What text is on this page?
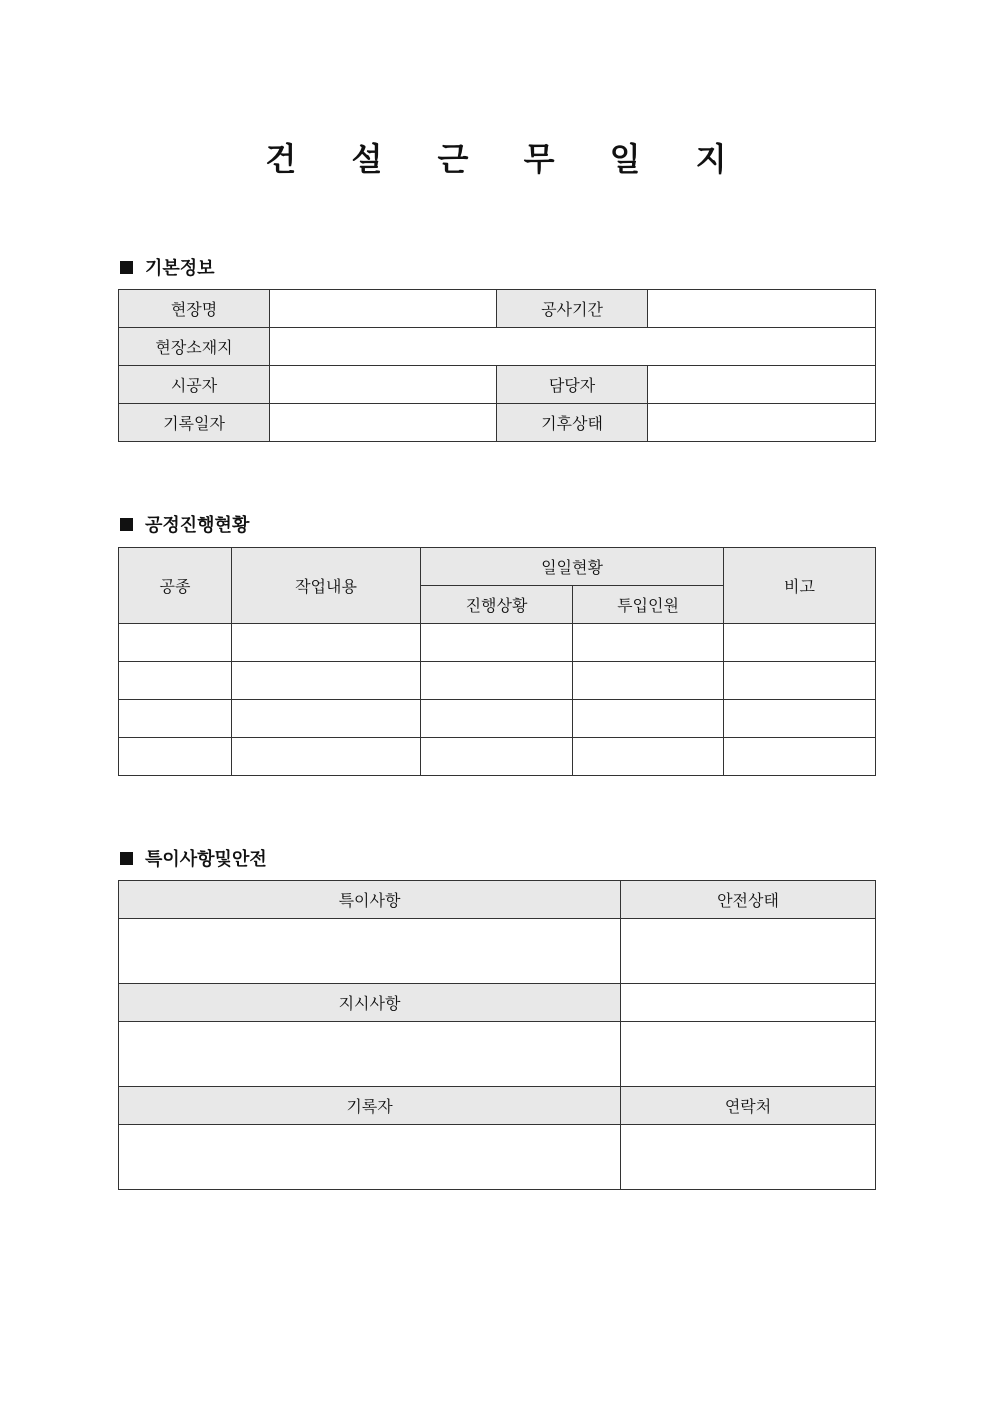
건 설 근 무 일 지
기본정보
현장명		공사기간	
현장소재지			
시공자		담당자	
기록일자		기후상태	
공정진행현황
공종	작업내용	일일현황		비고
		진행상황	투입인원	

특이사항및안전
특이사항	안전상태

지시사항	

기록자	연락처
